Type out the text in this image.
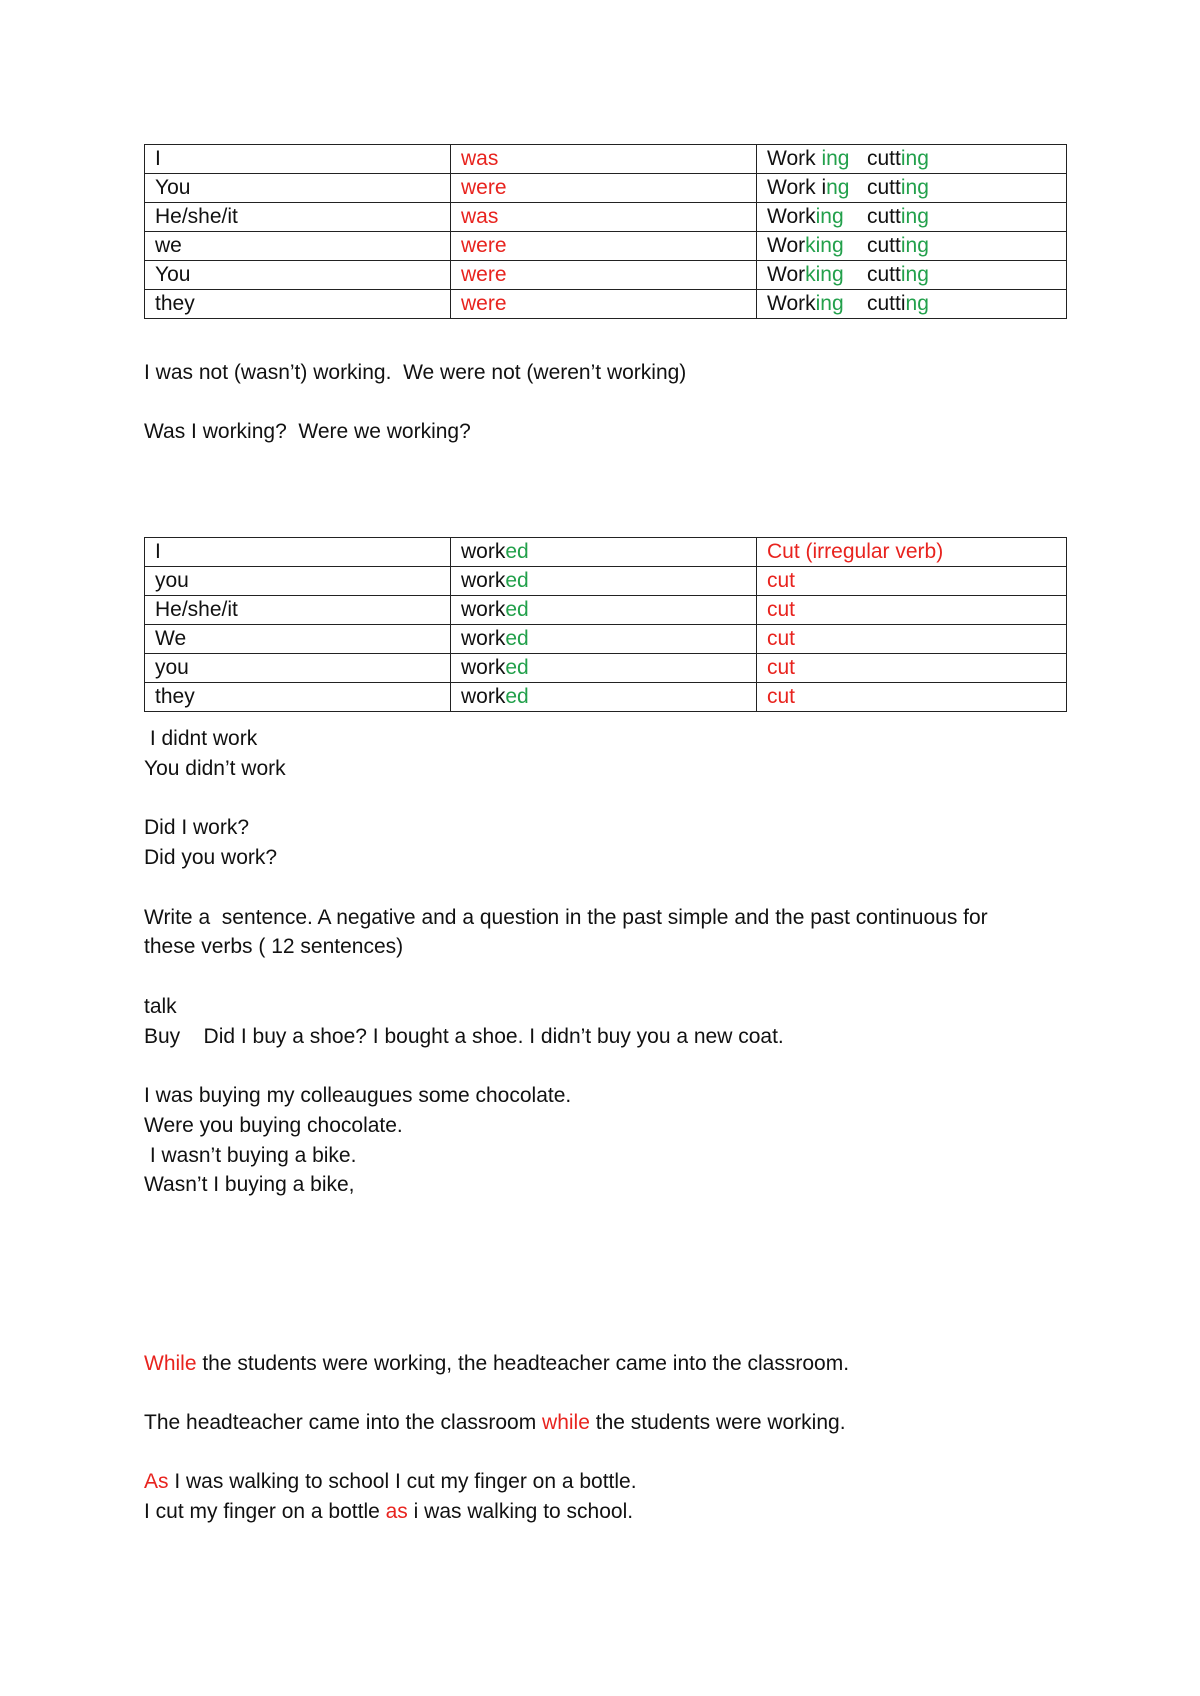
I	was	Work ing   cutting
You	were	Work ing   cutting
He/she/it	was	Working    cutting
we	were	Working    cutting
You	were	Working    cutting
they	were	Working    cutting
I was not (wasn’t) working.  We were not (weren’t working)
Was I working?  Were we working?
I	worked	Cut (irregular verb)
you	worked	cut
He/she/it	worked	cut
We	worked	cut
you	worked	cut
they	worked	cut
I didnt work
You didn’t work
Did I work?
Did you work?
Write a  sentence. A negative and a question in the past simple and the past continuous for
these verbs ( 12 sentences)
talk
Buy    Did I buy a shoe? I bought a shoe. I didn’t buy you a new coat.
I was buying my colleaugues some chocolate.
Were you buying chocolate.
I wasn’t buying a bike.
Wasn’t I buying a bike,
While the students were working, the headteacher came into the classroom.
The headteacher came into the classroom while the students were working.
As I was walking to school I cut my finger on a bottle.
I cut my finger on a bottle as i was walking to school.
